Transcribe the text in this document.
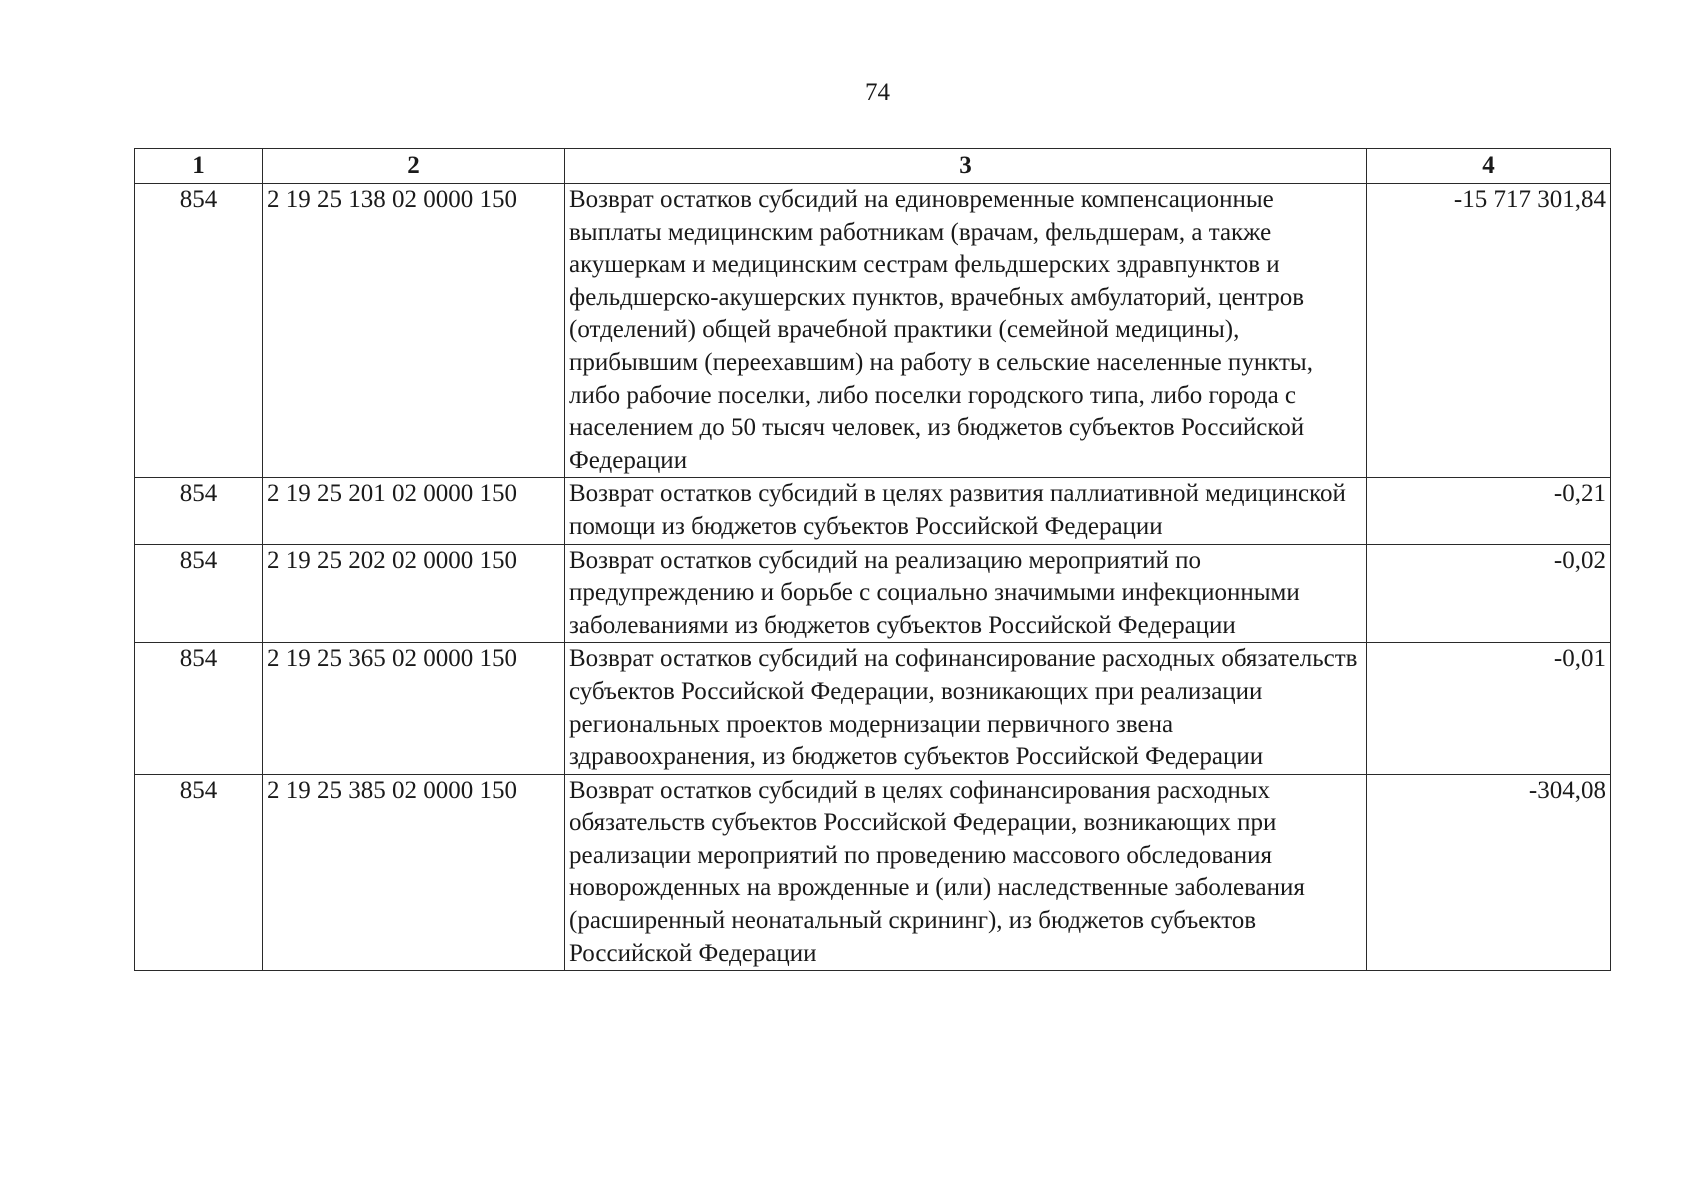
74
1	2	3	4
854	2 19 25 138 02 0000 150	Возврат остатков субсидий на единовременные компенсационные выплаты медицинским работникам (врачам, фельдшерам, а также акушеркам и медицинским сестрам фельдшерских здравпунктов и фельдшерско-акушерских пунктов, врачебных амбулаторий, центров (отделений) общей врачебной практики (семейной медицины), прибывшим (переехавшим) на работу в сельские населенные пункты, либо рабочие поселки, либо поселки городского типа, либо города с населением до 50 тысяч человек, из бюджетов субъектов Российской Федерации	-15 717 301,84
854	2 19 25 201 02 0000 150	Возврат остатков субсидий в целях развития паллиативной медицинской помощи из бюджетов субъектов Российской Федерации	-0,21
854	2 19 25 202 02 0000 150	Возврат остатков субсидий на реализацию мероприятий по предупреждению и борьбе с социально значимыми инфекционными заболеваниями из бюджетов субъектов Российской Федерации	-0,02
854	2 19 25 365 02 0000 150	Возврат остатков субсидий на софинансирование расходных обязательств субъектов Российской Федерации, возникающих при реализации региональных проектов модернизации первичного звена здравоохранения, из бюджетов субъектов Российской Федерации	-0,01
854	2 19 25 385 02 0000 150	Возврат остатков субсидий в целях софинансирования расходных обязательств субъектов Российской Федерации, возникающих при реализации мероприятий по проведению массового обследования новорожденных на врожденные и (или) наследственные заболевания (расширенный неонатальный скрининг), из бюджетов субъектов Российской Федерации	-304,08
